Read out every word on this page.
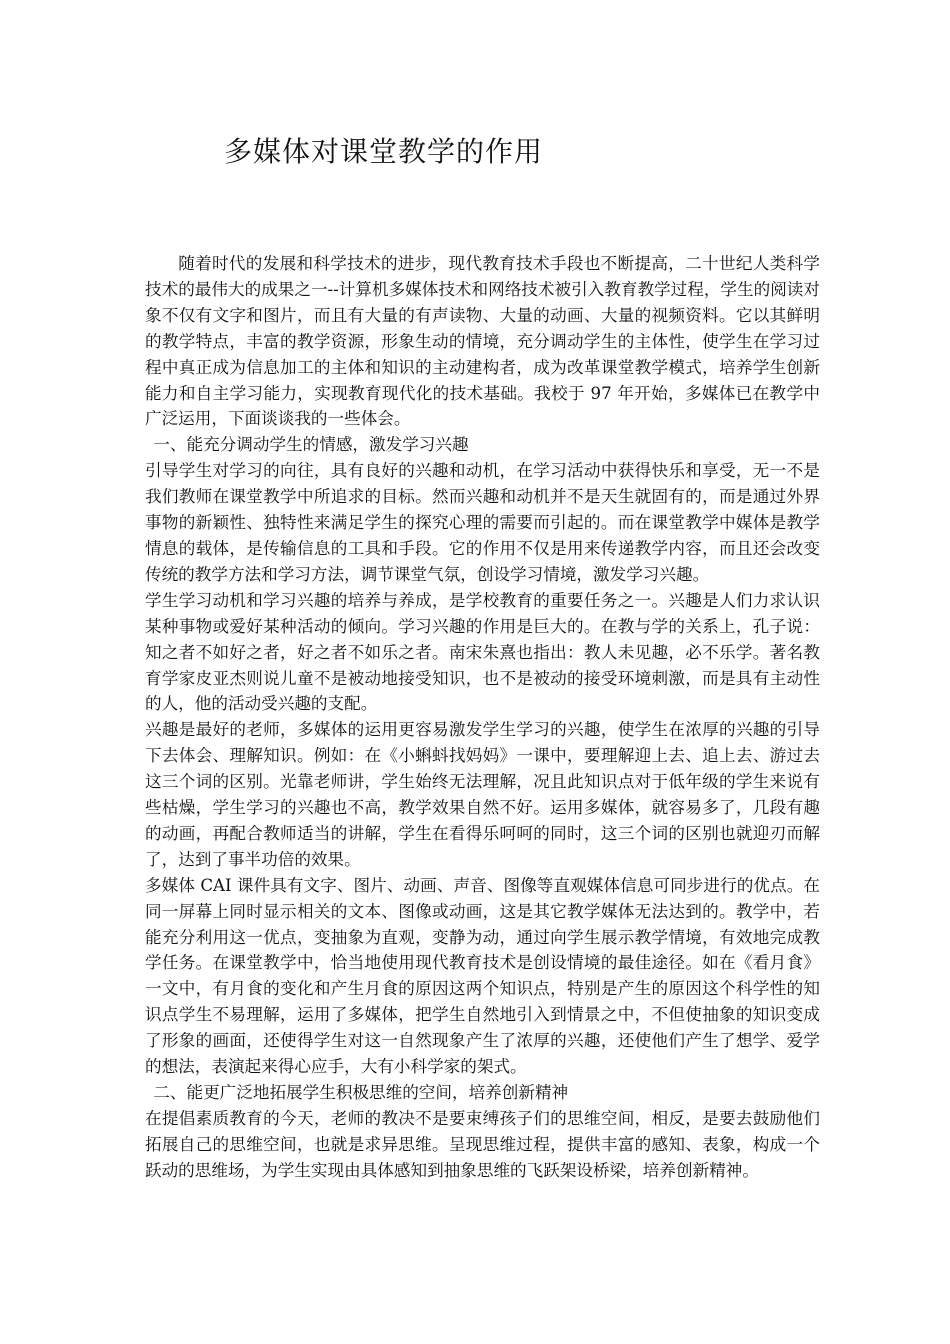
多媒体对课堂教学的作用

随着时代的发展和科学技术的进步，现代教育技术手段也不断提高，二十世纪人类科学技术的最伟大的成果之一--计算机多媒体技术和网络技术被引入教育教学过程，学生的阅读对象不仅有文字和图片，而且有大量的有声读物、大量的动画、大量的视频资料。它以其鲜明的教学特点，丰富的教学资源，形象生动的情境，充分调动学生的主体性，使学生在学习过程中真正成为信息加工的主体和知识的主动建构者，成为改革课堂教学模式，培养学生创新能力和自主学习能力，实现教育现代化的技术基础。我校于 97 年开始，多媒体已在教学中广泛运用，下面谈谈我的一些体会。

一、能充分调动学生的情感，激发学习兴趣

引导学生对学习的向往，具有良好的兴趣和动机，在学习活动中获得快乐和享受，无一不是我们教师在课堂教学中所追求的目标。然而兴趣和动机并不是天生就固有的，而是通过外界事物的新颖性、独特性来满足学生的探究心理的需要而引起的。而在课堂教学中媒体是教学情息的载体，是传输信息的工具和手段。它的作用不仅是用来传递教学内容，而且还会改变传统的教学方法和学习方法，调节课堂气氛，创设学习情境，激发学习兴趣。

学生学习动机和学习兴趣的培养与养成，是学校教育的重要任务之一。兴趣是人们力求认识某种事物或爱好某种活动的倾向。学习兴趣的作用是巨大的。在教与学的关系上，孔子说：知之者不如好之者，好之者不如乐之者。南宋朱熹也指出：教人未见趣，必不乐学。著名教育学家皮亚杰则说儿童不是被动地接受知识，也不是被动的接受环境刺激，而是具有主动性的人，他的活动受兴趣的支配。

兴趣是最好的老师，多媒体的运用更容易激发学生学习的兴趣，使学生在浓厚的兴趣的引导下去体会、理解知识。例如：在《小蝌蚪找妈妈》一课中，要理解迎上去、追上去、游过去这三个词的区别。光靠老师讲，学生始终无法理解，况且此知识点对于低年级的学生来说有些枯燥，学生学习的兴趣也不高，教学效果自然不好。运用多媒体，就容易多了，几段有趣的动画，再配合教师适当的讲解，学生在看得乐呵呵的同时，这三个词的区别也就迎刃而解了，达到了事半功倍的效果。

多媒体 CAI 课件具有文字、图片、动画、声音、图像等直观媒体信息可同步进行的优点。在同一屏幕上同时显示相关的文本、图像或动画，这是其它教学媒体无法达到的。教学中，若能充分利用这一优点，变抽象为直观，变静为动，通过向学生展示教学情境，有效地完成教学任务。在课堂教学中，恰当地使用现代教育技术是创设情境的最佳途径。如在《看月食》一文中，有月食的变化和产生月食的原因这两个知识点，特别是产生的原因这个科学性的知识点学生不易理解，运用了多媒体，把学生自然地引入到情景之中，不但使抽象的知识变成了形象的画面，还使得学生对这一自然现象产生了浓厚的兴趣，还使他们产生了想学、爱学的想法，表演起来得心应手，大有小科学家的架式。

二、能更广泛地拓展学生积极思维的空间，培养创新精神

在提倡素质教育的今天，老师的教决不是要束缚孩子们的思维空间，相反，是要去鼓励他们拓展自己的思维空间，也就是求异思维。呈现思维过程，提供丰富的感知、表象，构成一个跃动的思维场，为学生实现由具体感知到抽象思维的飞跃架设桥梁，培养创新精神。
